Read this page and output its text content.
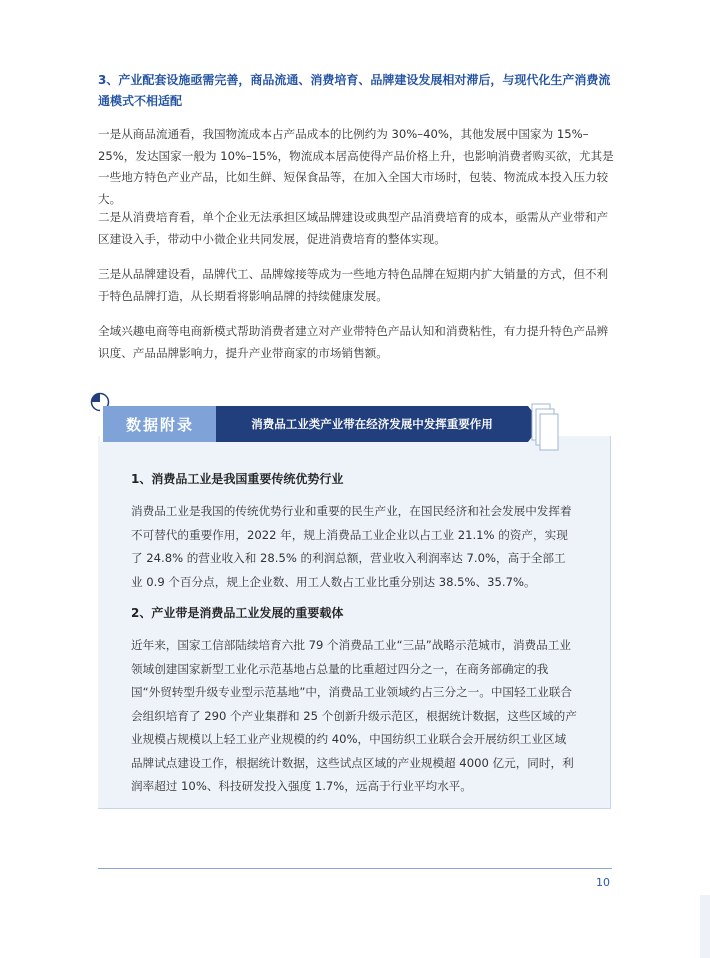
3、产业配套设施亟需完善，商品流通、消费培育、品牌建设发展相对滞后，与现代化生产消费流通模式不相适配

一是从商品流通看，我国物流成本占产品成本的比例约为 30%–40%，其他发展中国家为 15%–25%，发达国家一般为 10%–15%，物流成本居高使得产品价格上升，也影响消费者购买欲，尤其是一些地方特色产业产品，比如生鲜、短保食品等，在加入全国大市场时，包装、物流成本投入压力较大。

二是从消费培育看，单个企业无法承担区域品牌建设或典型产品消费培育的成本，亟需从产业带和产区建设入手，带动中小微企业共同发展，促进消费培育的整体实现。

三是从品牌建设看，品牌代工、品牌嫁接等成为一些地方特色品牌在短期内扩大销量的方式，但不利于特色品牌打造，从长期看将影响品牌的持续健康发展。

全域兴趣电商等电商新模式帮助消费者建立对产业带特色产品认知和消费粘性，有力提升特色产品辨识度、产品品牌影响力，提升产业带商家的市场销售额。

数据附录	消费品工业类产业带在经济发展中发挥重要作用
1、消费品工业是我国重要传统优势行业

消费品工业是我国的传统优势行业和重要的民生产业，在国民经济和社会发展中发挥着不可替代的重要作用，2022 年，规上消费品工业企业以占工业 21.1% 的资产，实现了 24.8% 的营业收入和 28.5% 的利润总额，营业收入利润率达 7.0%，高于全部工业 0.9 个百分点，规上企业数、用工人数占工业比重分别达 38.5%、35.7%。

2、产业带是消费品工业发展的重要载体

近年来，国家工信部陆续培育六批 79 个消费品工业“三品”战略示范城市，消费品工业领域创建国家新型工业化示范基地占总量的比重超过四分之一，在商务部确定的我国“外贸转型升级专业型示范基地”中，消费品工业领域约占三分之一。中国轻工业联合会组织培育了 290 个产业集群和 25 个创新升级示范区，根据统计数据，这些区域的产业规模占规模以上轻工业产业规模的约 40%，中国纺织工业联合会开展纺织工业区域品牌试点建设工作，根据统计数据，这些试点区域的产业规模超 4000 亿元，同时，利润率超过 10%、科技研发投入强度 1.7%，远高于行业平均水平。

10
